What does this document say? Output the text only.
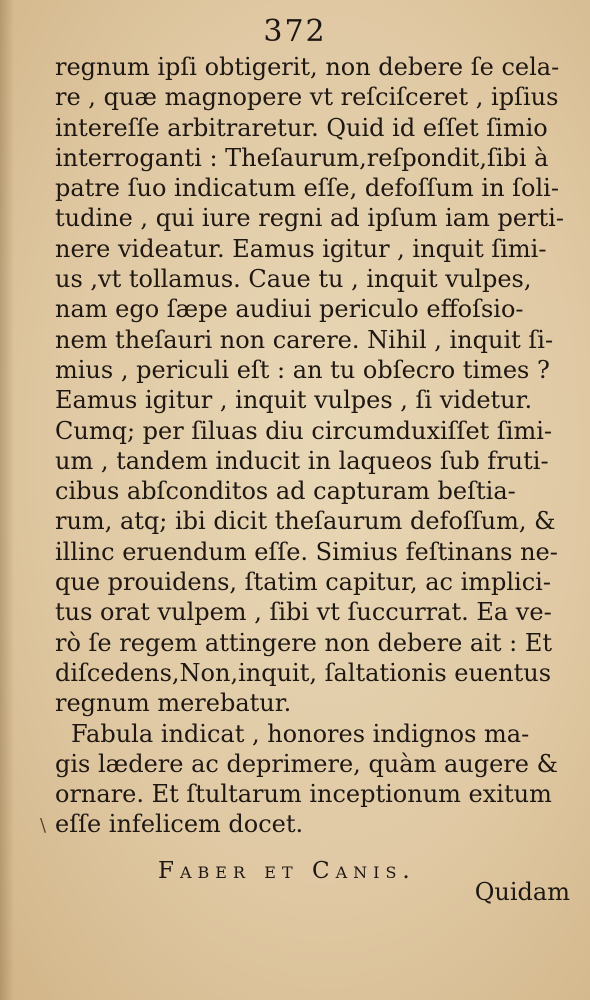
372
regnum ipſi obtigerit, non debere ſe cela-
re , quæ magnopere vt reſciſceret , ipſius
intereſſe arbitraretur. Quid id eſſet ſimio
interroganti : Theſaurum,reſpondit,ſibi à
patre ſuo indicatum eſſe, defoſſum in ſoli-
tudine , qui iure regni ad ipſum iam perti-
nere videatur. Eamus igitur , inquit ſimi-
us ,vt tollamus. Caue tu , inquit vulpes,
nam ego ſæpe audiui periculo effoſsio-
nem theſauri non carere. Nihil , inquit ſi-
mius , periculi eſt : an tu obſecro times ?
Eamus igitur , inquit vulpes , ſi videtur.
Cumq; per ſiluas diu circumduxiſſet ſimi-
um , tandem inducit in laqueos ſub fruti-
cibus abſconditos ad capturam beſtia-
rum, atq; ibi dicit theſaurum defoſſum, &
illinc eruendum eſſe. Simius feſtinans ne-
que prouidens, ſtatim capitur, ac implici-
tus orat vulpem , ſibi vt ſuccurrat. Ea ve-
rò ſe regem attingere non debere ait : Et
diſcedens,Non,inquit, ſaltationis euentus
regnum merebatur.
Fabula indicat , honores indignos ma-
gis lædere ac deprimere, quàm augere &
ornare. Et ſtultarum inceptionum exitum
eſſe infelicem docet.
\
Faber et Canis.
Quidam
